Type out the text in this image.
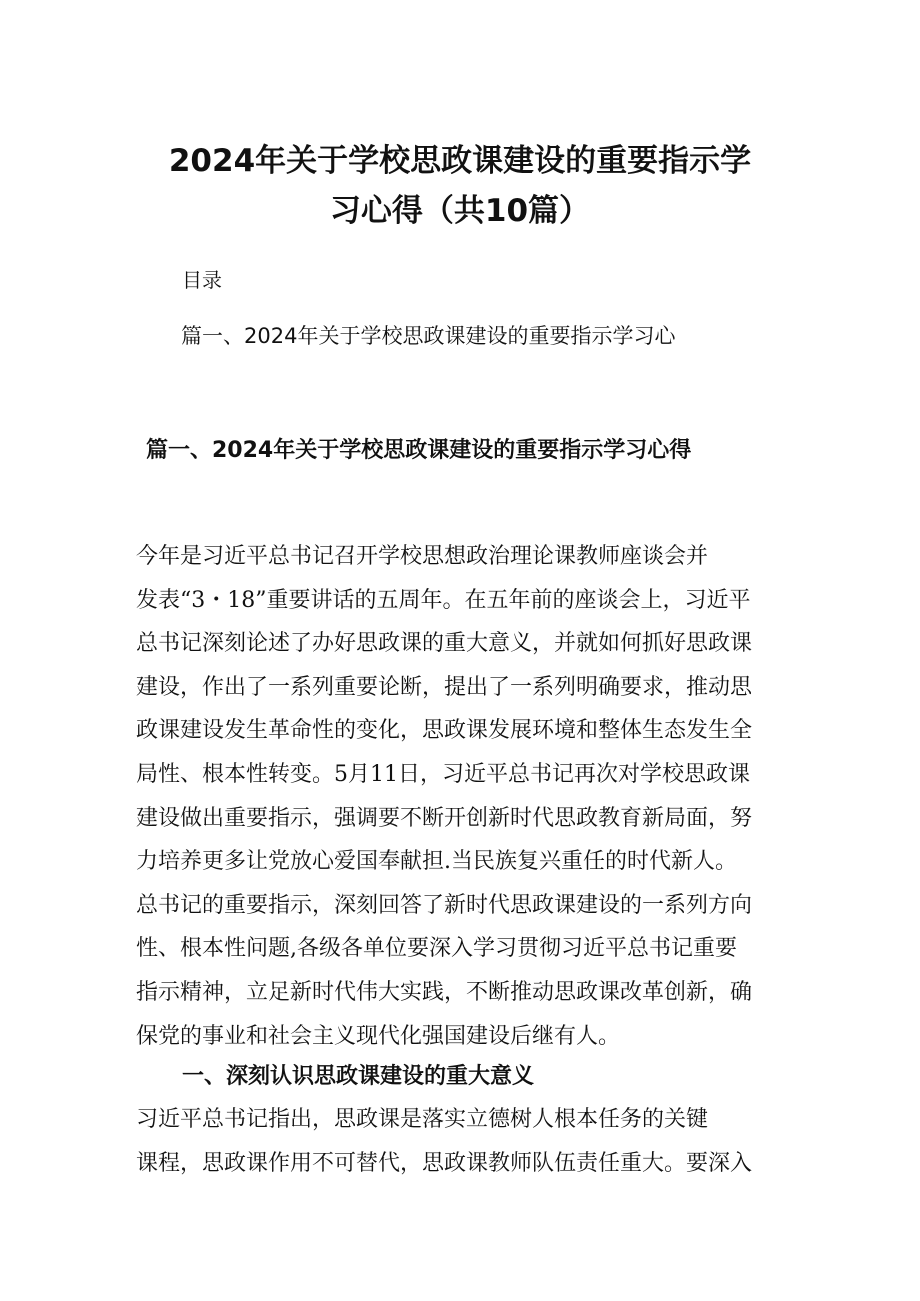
2024年关于学校思政课建设的重要指示学
习心得（共10篇）
目录
篇一、2024年关于学校思政课建设的重要指示学习心
篇一、2024年关于学校思政课建设的重要指示学习心得
今年是习近平总书记召开学校思想政治理论课教师座谈会并
发表“3・18”重要讲话的五周年。在五年前的座谈会上，习近平
总书记深刻论述了办好思政课的重大意义，并就如何抓好思政课
建设，作出了一系列重要论断，提出了一系列明确要求，推动思
政课建设发生革命性的变化，思政课发展环境和整体生态发生全
局性、根本性转变。5月11日，习近平总书记再次对学校思政课
建设做出重要指示，强调要不断开创新时代思政教育新局面，努
力培养更多让党放心爱国奉献担.当民族复兴重任的时代新人。
总书记的重要指示，深刻回答了新时代思政课建设的一系列方向
性、根本性问题,各级各单位要深入学习贯彻习近平总书记重要
指示精神，立足新时代伟大实践，不断推动思政课改革创新，确
保党的事业和社会主义现代化强国建设后继有人。
一、深刻认识思政课建设的重大意义
习近平总书记指出，思政课是落实立德树人根本任务的关键
课程，思政课作用不可替代，思政课教师队伍责任重大。要深入
